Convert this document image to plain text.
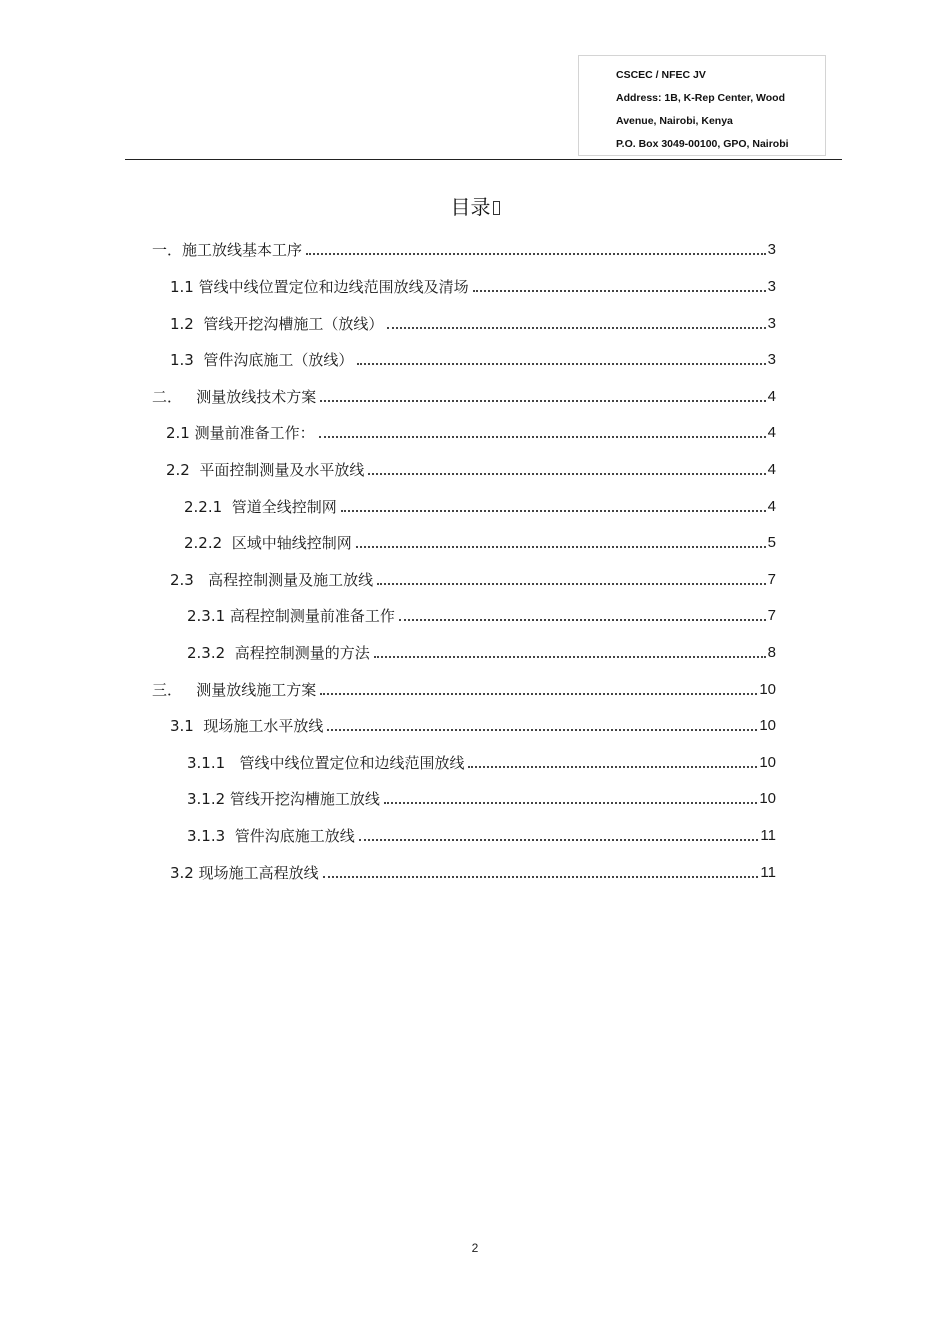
CSCEC / NFEC JV
Address: 1B, K-Rep Center, Wood
Avenue, Nairobi, Kenya
P.O. Box 3049-00100, GPO, Nairobi
目录
一．施工放线基本工序	3
1.1 管线中线位置定位和边线范围放线及清场	3
1.2  管线开挖沟槽施工（放线）	3
1.3  管件沟底施工（放线）	3
二．   测量放线技术方案	4
2.1 测量前准备工作：	4
2.2  平面控制测量及水平放线	4
2.2.1  管道全线控制网	4
2.2.2  区域中轴线控制网	5
2.3   高程控制测量及施工放线	7
2.3.1 高程控制测量前准备工作	7
2.3.2  高程控制测量的方法	8
三．   测量放线施工方案	10
3.1  现场施工水平放线	10
3.1.1   管线中线位置定位和边线范围放线	10
3.1.2 管线开挖沟槽施工放线	10
3.1.3  管件沟底施工放线	11
3.2 现场施工高程放线	11
2
